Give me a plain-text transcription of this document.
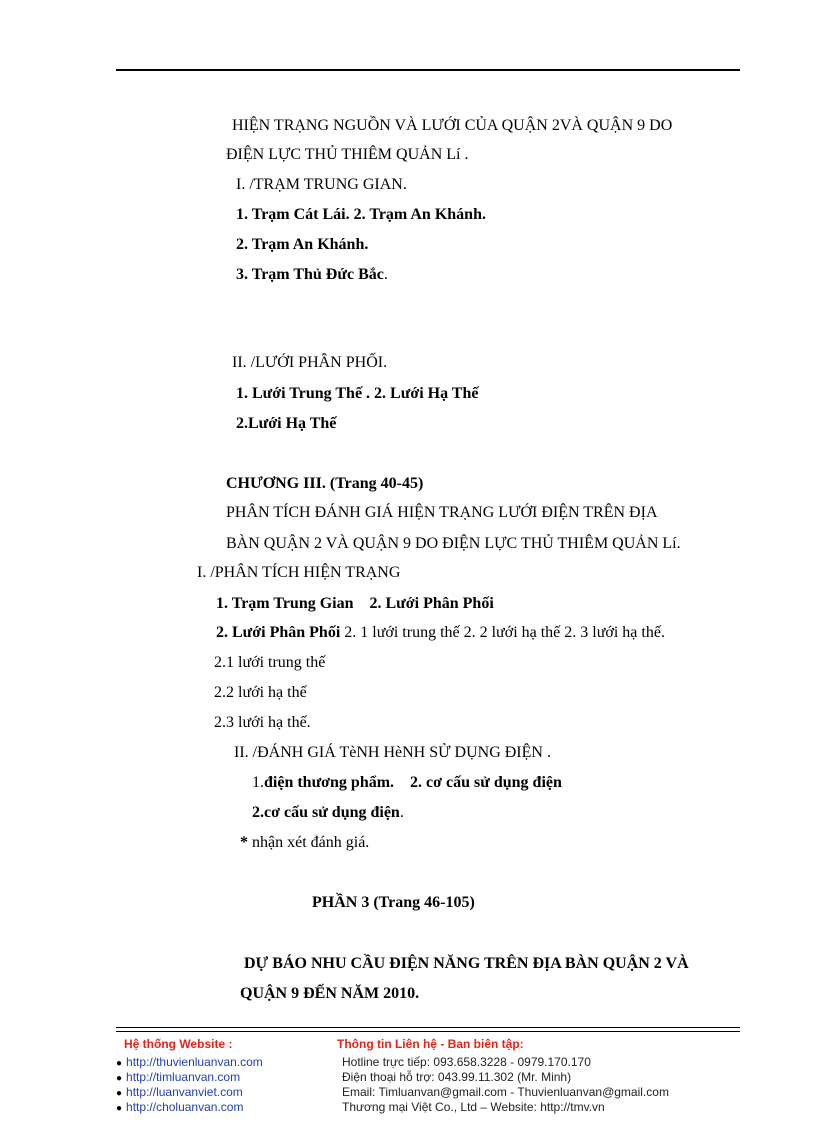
HIỆN TRẠNG NGUỒN VÀ LƯỚI CỦA QUẬN 2VÀ QUẬN 9 DO
ĐIỆN LỰC THỦ THIÊM QUẢN Lí .
I. /TRẠM TRUNG GIAN.
1. Trạm Cát Lái. 2. Trạm An Khánh.
2. Trạm An Khánh.
3. Trạm Thủ Đức Bắc.
II. /LƯỚI PHÂN PHỐI.
1. Lưới Trung Thế . 2. Lưới Hạ Thế
2.Lưới Hạ Thế
CHƯƠNG III. (Trang 40-45)
PHÂN TÍCH ĐÁNH GIÁ HIỆN TRẠNG LƯỚI ĐIỆN TRÊN ĐỊA
BÀN QUẬN 2 VÀ QUẬN 9 DO ĐIỆN LỰC THỦ THIÊM QUẢN Lí.
I. /PHÂN TÍCH HIỆN TRẠNG
1. Trạm Trung Gian    2. Lưới Phân Phối
2. Lưới Phân Phối 2. 1 lưới trung thế 2. 2 lưới hạ thế 2. 3 lưới hạ thế.
2.1 lưới trung thế
2.2 lưới hạ thế
2.3 lưới hạ thế.
II. /ĐÁNH GIÁ TèNH HèNH SỬ DỤNG ĐIỆN .
1.điện thương phẩm.    2. cơ cấu sử dụng điện
2.cơ cấu sử dụng điện.
* nhận xét đánh giá.
PHẦN 3 (Trang 46-105)
DỰ BÁO NHU CẦU ĐIỆN NĂNG TRÊN ĐỊA BÀN QUẬN 2 VÀ
QUẬN 9 ĐẾN NĂM 2010.
Hệ thống Website :	Thông tin Liên hệ - Ban biên tập:
● http://thuvienluanvan.com
● http://timluanvan.com
● http://luanvanviet.com
● http://choluanvan.com
Hotline trực tiếp: 093.658.3228 - 0979.170.170
Điện thoại hỗ trợ: 043.99.11.302 (Mr. Minh)
Email: Timluanvan@gmail.com - Thuvienluanvan@gmail.com
Thương mại Việt Co., Ltd – Website: http://tmv.vn
